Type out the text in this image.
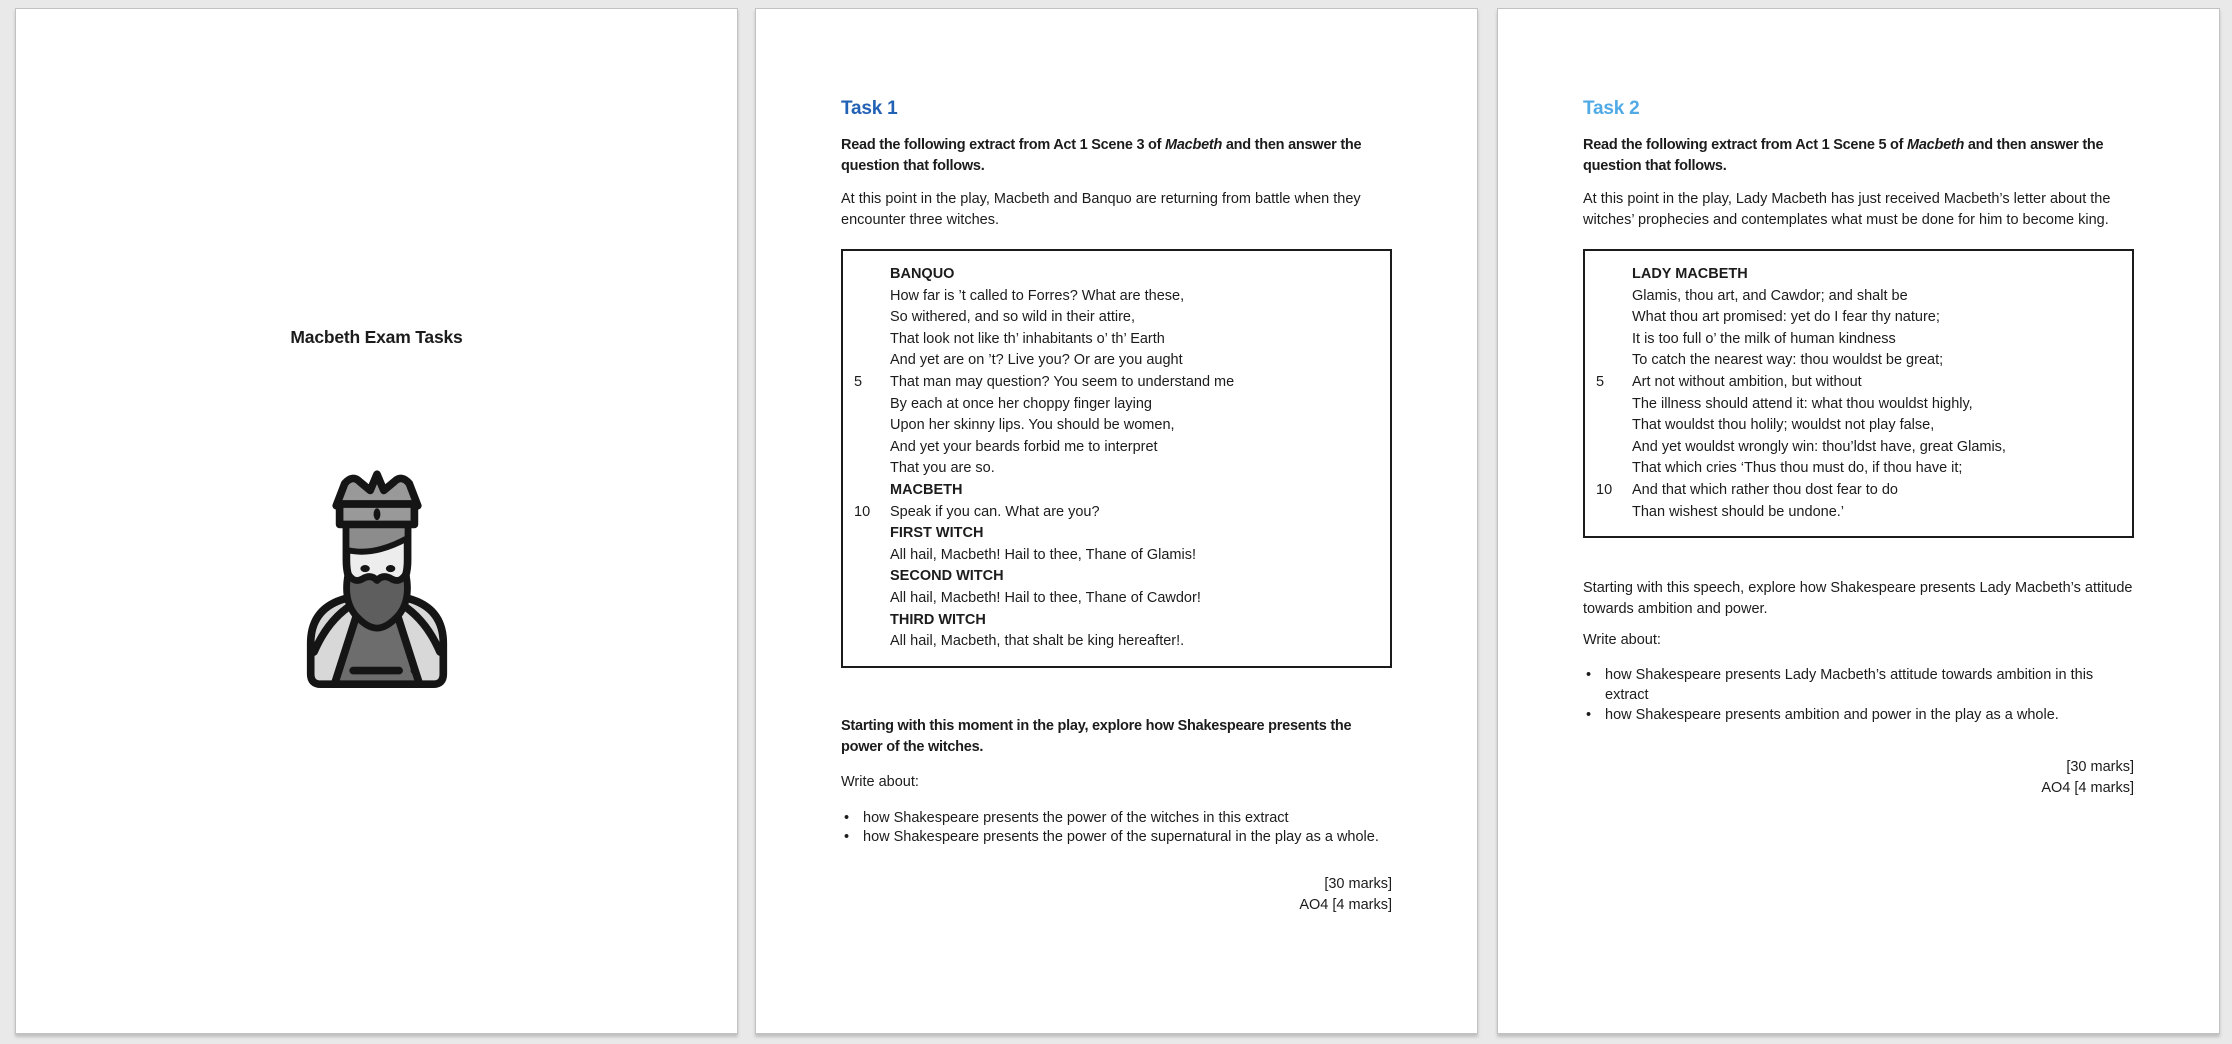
Macbeth Exam Tasks
Task 1

Read the following extract from Act 1 Scene 3 of Macbeth and then answer the question that follows.

At this point in the play, Macbeth and Banquo are returning from battle when they encounter three witches.

BANQUO
How far is ’t called to Forres? What are these,
So withered, and so wild in their attire,
That look not like th’ inhabitants o’ th’ Earth
And yet are on ’t? Live you? Or are you aught
5	That man may question? You seem to understand me
By each at once her choppy finger laying
Upon her skinny lips. You should be women,
And yet your beards forbid me to interpret
That you are so.
MACBETH
10	Speak if you can. What are you?
FIRST WITCH
All hail, Macbeth! Hail to thee, Thane of Glamis!
SECOND WITCH
All hail, Macbeth! Hail to thee, Thane of Cawdor!
THIRD WITCH
All hail, Macbeth, that shalt be king hereafter!.

Starting with this moment in the play, explore how Shakespeare presents the power of the witches.

Write about:

• how Shakespeare presents the power of the witches in this extract
• how Shakespeare presents the power of the supernatural in the play as a whole.
[30 marks]
AO4 [4 marks]
Task 2

Read the following extract from Act 1 Scene 5 of Macbeth and then answer the question that follows.

At this point in the play, Lady Macbeth has just received Macbeth’s letter about the witches’ prophecies and contemplates what must be done for him to become king.

LADY MACBETH
Glamis, thou art, and Cawdor; and shalt be
What thou art promised: yet do I fear thy nature;
It is too full o’ the milk of human kindness
To catch the nearest way: thou wouldst be great;
5	Art not without ambition, but without
The illness should attend it: what thou wouldst highly,
That wouldst thou holily; wouldst not play false,
And yet wouldst wrongly win: thou’ldst have, great Glamis,
That which cries ‘Thus thou must do, if thou have it;
10	And that which rather thou dost fear to do
Than wishest should be undone.’

Starting with this speech, explore how Shakespeare presents Lady Macbeth’s attitude towards ambition and power.

Write about:

• how Shakespeare presents Lady Macbeth’s attitude towards ambition in this extract
• how Shakespeare presents ambition and power in the play as a whole.
[30 marks]
AO4 [4 marks]
